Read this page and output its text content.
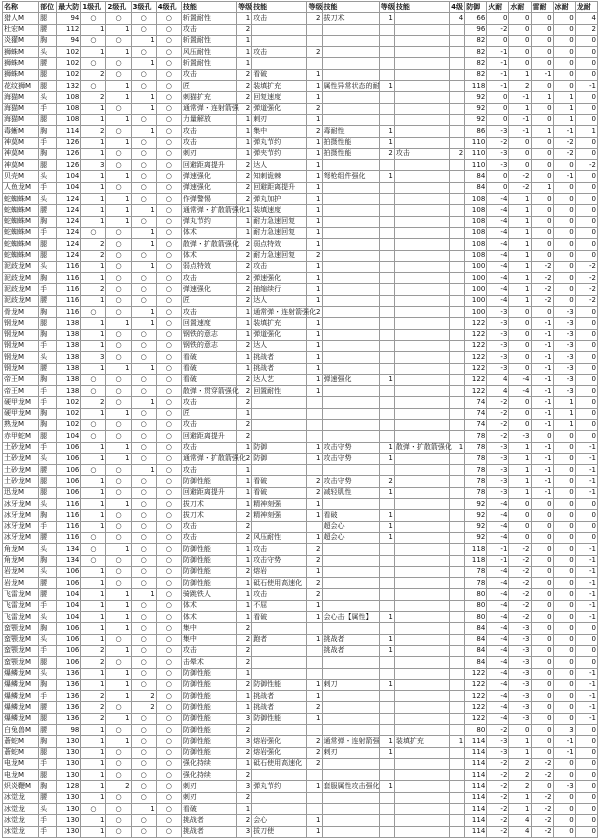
名称	部位	最大防	1级孔	2级孔	3级孔	4级孔	技能	等级	技能	等级	技能	等级	技能	4级	防御	火耐	水耐	雷耐	冰耐	龙耐
猎人M	腿	94	○	○	○	○	斩置耐性	1	攻击	2	拔刀术	1		4	66	0	0	0	0	4
杜宏M	腰	112	1	1	○	○	攻击	2							96	-2	0	0	0	2
炎獾M	胸	94	○	○	1	○	斩置耐性	1							82	0	0	0	0	0
狮蛛M	头	102	1	1	○	○	风压耐性	1	攻击	2					82	-1	0	0	0	0
狮蛛M	腰	102	○	○	1	○	斩置耐性	1							82	-1	0	0	0	0
狮蛛M	腿	102	2	○	○	○	攻击	2	看破	1					82	-1	1	-1	0	0
花纹狮M	腿	132	○	1	○	○	匠	2	装填扩充	1	属性异常状态的耐	1			118	-1	2	0	0	-1
海猫M	头	108	2	1	1	○	刺猫扩充	2	回复速度	1					92	0	-1	1	1	0
海猫M	手	108	1	○	1	○	通常弹・连射箭强	2	弹道强化	2					92	0	1	0	1	0
海猫M	腿	108	1	1	○	○	力量解放	1	刺刃	1					92	0	-1	0	1	0
毒蜥M	胸	114	2	○	1	○	攻击	1	集中	2	毒耐性	1			86	-3	-1	1	-1	1
神莫M	手	126	1	1	○	○	攻击	1	弹丸节约	1	拍摄性能	1			110	-2	0	0	-2	0
神莫M	胸	126	1	○	○	○	刺刃	1	弹夹节约	1	拍摄性能	2	攻击	2	110	-3	0	0	-2	0
神莫M	腿	126	3	○	○	○	回避距离提升	2	达人	1					110	-3	0	0	0	-2
贝壳M	头	104	1	1	○	○	弹速强化	2	知刺诡棘	1	弩枪组件强化	1			84	0	-2	0	-1	0
人鱼龙M	手	104	1	○	○	○	弹速强化	2	回避距离提升	1					84	0	-2	1	0	0
蛇蜘蛛M	头	124	1	1	○	○	作弹警惕	2	弹丸加护	1					108	-4	1	0	0	0
蛇蜘蛛M	腰	124	1	1	1	○	通常弹・扩散箭强化	1	装填速度	1					108	-4	1	0	0	0
蛇蜘蛛M	胸	124	1	1	○	○	弹丸节约	1	耐力急速回复	1					108	-4	1	0	0	0
蛇蜘蛛M	手	124	○	○	1	○	体术	1	耐力急速回复	1					108	-4	1	0	0	0
蛇蜘蛛M	腿	124	2	○	1	○	散弹・扩散箭强化	2	弱点特效	1					108	-4	1	0	0	0
蛇蜘蛛M	腿	124	2	○	○	○	体术	2	耐力急速回复	2					108	-4	1	0	0	0
泥歧龙M	头	116	1	○	1	○	弱点特效	2	攻击	1					100	-4	1	-2	0	-2
泥歧龙M	胸	116	1	○	○	○	攻击	2	弹速强化	1					100	-4	1	-2	0	-2
泥歧龙M	手	116	2	○	○	○	弹速强化	2	抽缩续行	1					100	-4	1	-2	0	-2
泥歧龙M	腰	116	1	○	○	○	匠	2	达人	1					100	-4	1	-2	0	-2
骨龙M	胸	116	○	○	1	○	攻击	1	通常弹・连射箭强化	2					100	-3	0	0	-3	0
钢龙M	腿	138	1	1	1	○	回置速度	1	装填扩充	1					122	-3	0	-1	-3	0
钢龙M	胸	138	1	○	○	○	钢铁的意志	1	弹道强化	1					122	-3	0	-1	-3	0
钢龙M	手	138	1	○	○	○	钢铁的意志	2	达人	1					122	-3	0	-1	-3	0
钢龙M	头	138	3	○	○	○	看破	1	挑战者	1					122	-3	0	-1	-3	0
钢龙M	腰	138	1	1	1	○	看破	1	挑战者	1					122	-3	0	-1	-3	0
帝王M	胸	138	○	○	○	○	看破	2	达人艺	1	弹速强化	1			122	4	-4	-1	-3	0
帝王M	手	138	○	○	○	○	散弹・贯穿箭强化	2	回置耐性	1					122	4	-4	-1	-3	0
硬甲龙M	手	102	2	○	1	○	攻击	2							74	-2	0	-1	1	0
硬甲龙M	胸	102	1	1	○	○	匠	1							74	-2	0	-1	1	0
熟龙M	胸	102	○	○	○	○	攻击	2							74	-2	0	-1	1	0
赤甲蛇M	腿	104	○	○	○	○	回避距离提升	2							78	-2	-3	0	0	0
土砂龙M	手	106	1	1	○	○	攻击	1	防御	1	攻击守势	1	散弹・扩散箭强化	1	78	-3	1	-1	0	-1
土砂龙M	头	106	1	1	○	○	通常弹・扩散箭强化	2	防御	1	攻击守势	1			78	-3	1	-1	0	-1
土砂龙M	腰	106	○	○	1	○	攻击	1							78	-3	1	-1	0	-1
土砂龙M	腿	106	1	○	○	○	防御性能	1	看破	2	攻击守势	2			78	-3	1	-1	0	-1
迅龙M	腿	106	1	○	○	○	回避距离提升	1	看破	2	减轻肌性	1			78	-3	1	-1	0	-1
冰牙龙M	头	116	1	1	○	○	拔刀术	1	精神刻强	1					92	-4	0	0	0	0
冰牙龙M	胸	116	1	○	○	○	拔刀术	2	精神刻强	1	看破	1			92	-4	0	0	0	0
冰牙龙M	手	116	1	○	○	○	攻击	2			超会心	1			92	-4	0	0	0	0
冰牙龙M	腰	116	○	○	○	○	攻击	2	风压耐性	1	超会心	1			92	-4	0	0	0	0
角龙M	头	134	○	1	○	○	防御性能	1	攻击	2					118	-1	-2	0	0	-1
角龙M	胸	134	○	○	○	○	防御性能	1	攻击守势	2					118	-1	-2	0	0	-1
岩龙M	头	106	1	○	○	○	防御性能	2	熔岩	1					78	-4	-2	0	0	-1
岩龙M	腰	106	1	○	○	○	防御性能	1	砥石使用高速化	2					78	-4	-2	0	0	-1
飞雷龙M	腰	104	1	1	1	○	骑跳铁人	1	攻击	2					80	-4	-2	0	0	-1
飞雷龙M	手	104	1	1	○	○	体术	1	不屈	1					80	-4	-2	0	0	-1
飞雷龙M	头	104	1	1	○	○	体术	1	看破	1	会心击【属性】	1			80	-4	-2	0	0	-1
蛮颚龙M	胸	106	1	1	○	○	集中	2							84	-4	-3	0	0	0
蛮颚龙M	头	106	1	○	○	○	集中	2	跑者	1	挑战者	1			84	-4	-3	0	0	0
蛮颚龙M	手	106	2	1	○	○	攻击	2			挑战者	1			84	-4	-3	0	0	0
蛮颚龙M	腿	106	2	○	○	○	击晕术	2							84	-4	-3	0	0	0
爆鳞龙M	头	136	1	1	○	○	防御性能	1							122	-4	-3	0	0	-1
爆鳞龙M	胸	136	1	1	○	○	防御性能	2	防御性能	1	刺刀	1			122	-4	-3	0	0	-1
爆鳞龙M	手	136	2	1	2	○	防御性能	1	挑战者	1					122	-4	-3	0	0	-1
爆鳞龙M	腰	136	2	○	2	○	防御性能	1	挑战者	2					122	-4	-3	0	0	-1
爆鳞龙M	腿	136	2	1	○	○	防御性能	3	防御性能	1					122	-4	-3	0	0	-1
白兔兽M	腰	98	1	○	○	○	防御性能	2							80	-2	0	0	3	0
蒼蛇M	胸	130	1	1	○	○	防御性能	3	熔岩强化	2	通常弹・连射箭强	1	装填扩充	1	114	-3	1	0	-1	0
蒼蛇M	腿	130	1	○	○	○	防御性能	2	熔岩强化	2	刺刃	1			114	-3	1	0	-1	0
电龙M	手	130	1	○	○	○	强化持续	1	砥石使用高速化	2					114	-2	2	-2	0	0
电龙M	腿	130	1	○	○	○	强化持续	2							114	-2	2	-2	0	0
炽炎鞭M	胸	128	1	2	○	○	刺刃	3	弹丸节约	1	套服属性攻击强化	1			114	-2	2	0	-3	0
冰觉龙	腰	130	1	○	○	○	刺刃	2							114	-2	1	-2	0	0
冰觉龙	头	130	○	○	1	○	看破	1							114	-2	1	-2	0	0
冰觉龙	手	130	1	○	○	○	挑战者	2	会心	1					114	-2	4	-2	0	0
冰觉龙	手	130	1	○	○	○	挑战者	3	拔刀使	1					114	-2	4	-2	0	0
